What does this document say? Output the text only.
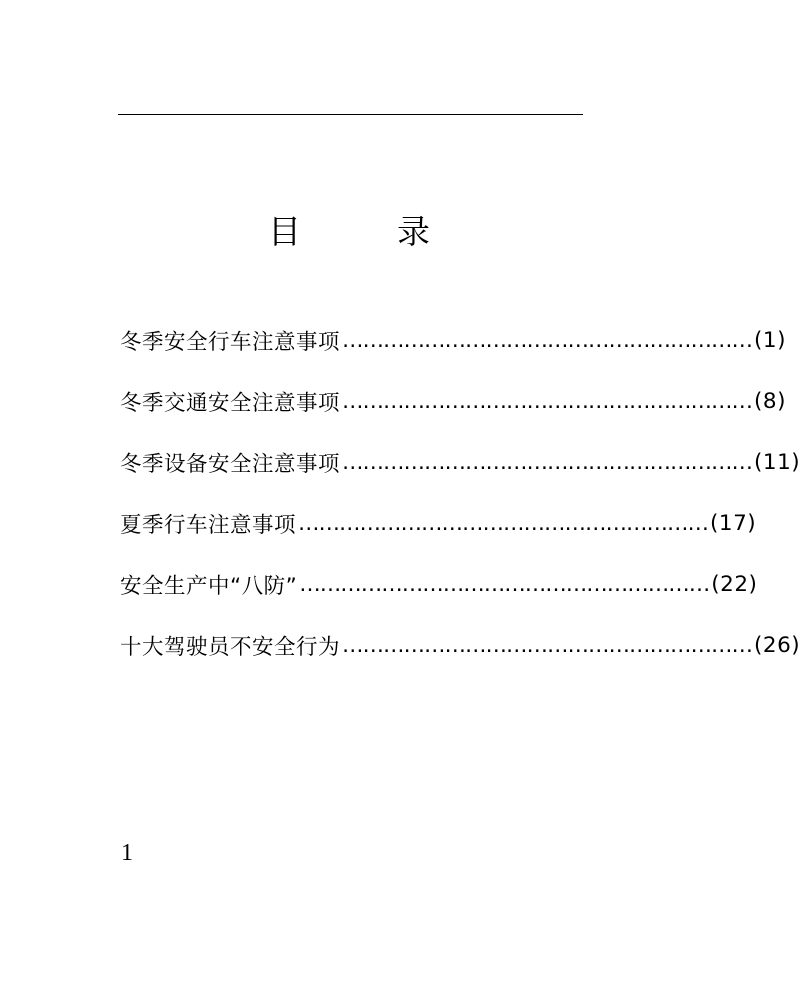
目	录
冬季安全行车注意事项 …………………………………………………… (1)
冬季交通安全注意事项 …………………………………………………… (8)
冬季设备安全注意事项 …………………………………………………… (11)
夏季行车注意事项 …………………………………………………… (17)
安全生产中“八防” …………………………………………………… (22)
十大驾驶员不安全行为 …………………………………………………… (26)
1
